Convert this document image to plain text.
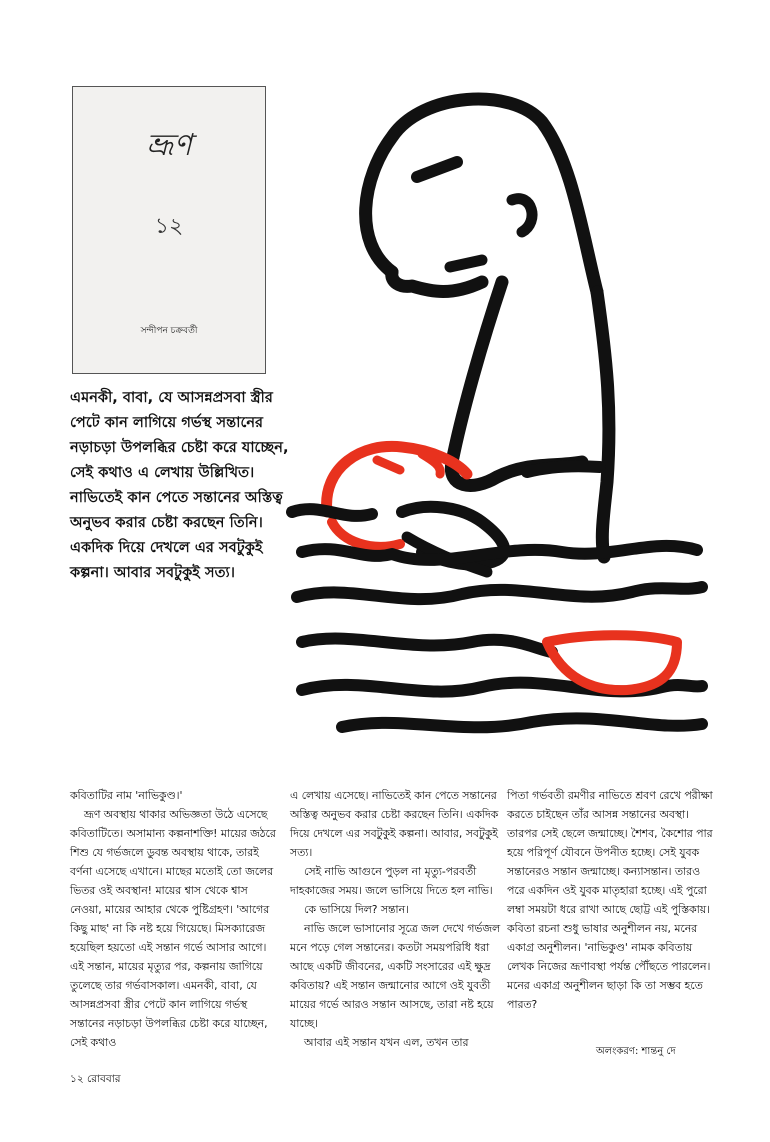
ভ্রূণ
১২
সন্দীপন চক্রবর্তী
এমনকী, বাবা, যে আসন্নপ্রসবা স্ত্রীর পেটে কান লাগিয়ে গর্ভস্থ সন্তানের নড়াচড়া উপলব্ধির চেষ্টা করে যাচ্ছেন, সেই কথাও এ লেখায় উল্লিখিত। নাভিতেই কান পেতে সন্তানের অস্তিত্ব অনুভব করার চেষ্টা করছেন তিনি। একদিক দিয়ে দেখলে এর সবটুকুই কল্পনা। আবার সবটুকুই সত্য।

কবিতাটির নাম 'নাভিকুণ্ড।'

ভ্রূণ অবস্থায় থাকার অভিজ্ঞতা উঠে এসেছে কবিতাটিতে। অসামান্য কল্পনাশক্তি! মায়ের জঠরে শিশু যে গর্ভজলে ডুবন্ত অবস্থায় থাকে, তারই বর্ণনা এসেছে এখানে। মাছের মতোই তো জলের ভিতর ওই অবস্থান! মায়ের শ্বাস থেকে শ্বাস নেওয়া, মায়ের আহার থেকে পুষ্টিগ্রহণ। 'আগের কিছু মাছ' না কি নষ্ট হয়ে গিয়েছে। মিসক্যারেজ হয়েছিল হয়তো এই সন্তান গর্ভে আসার আগে। এই সন্তান, মায়ের মৃত্যুর পর, কল্পনায় জাগিয়ে তুলেছে তার গর্ভবাসকাল। এমনকী, বাবা, যে আসন্নপ্রসবা স্ত্রীর পেটে কান লাগিয়ে গর্ভস্থ সন্তানের নড়াচড়া উপলব্ধির চেষ্টা করে যাচ্ছেন, সেই কথাও

এ লেখায় এসেছে। নাভিতেই কান পেতে সন্তানের অস্তিত্ব অনুভব করার চেষ্টা করছেন তিনি। একদিক দিয়ে দেখলে এর সবটুকুই কল্পনা। আবার, সবটুকুই সত্য।

সেই নাভি আগুনে পুড়ল না মৃত্যু-পরবর্তী দাহকাজের সময়। জলে ভাসিয়ে দিতে হল নাভি।

কে ভাসিয়ে দিল? সন্তান।

নাভি জলে ভাসানোর সূত্রে জল দেখে গর্ভজল মনে পড়ে গেল সন্তানের। কতটা সময়পরিধি ধরা আছে একটি জীবনের, একটি সংসারের এই ক্ষুদ্র কবিতায়? এই সন্তান জন্মানোর আগে ওই যুবতী মায়ের গর্ভে আরও সন্তান আসছে, তারা নষ্ট হয়ে যাচ্ছে।

আবার এই সন্তান যখন এল, তখন তার

পিতা গর্ভবতী রমণীর নাভিতে শ্রবণ রেখে পরীক্ষা করতে চাইছেন তাঁর আসন্ন সন্তানের অবস্থা। তারপর সেই ছেলে জন্মাচ্ছে। শৈশব, কৈশোর পার হয়ে পরিপূর্ণ যৌবনে উপনীত হচ্ছে। সেই যুবক সন্তানেরও সন্তান জন্মাচ্ছে। কন্যাসন্তান। তারও পরে একদিন ওই যুবক মাতৃহারা হচ্ছে। এই পুরো লম্বা সময়টা ধরে রাখা আছে ছোট্ট এই পুস্তিকায়। কবিতা রচনা শুধু ভাষার অনুশীলন নয়, মনের একাগ্র অনুশীলন। 'নাভিকুণ্ড' নামক কবিতায় লেখক নিজের ভ্রূণাবস্থা পর্যন্ত পৌঁছতে পারলেন। মনের একাগ্র অনুশীলন ছাড়া কি তা সম্ভব হতে পারত?

অলংকরণ: শান্তনু দে
১২ রোববার
